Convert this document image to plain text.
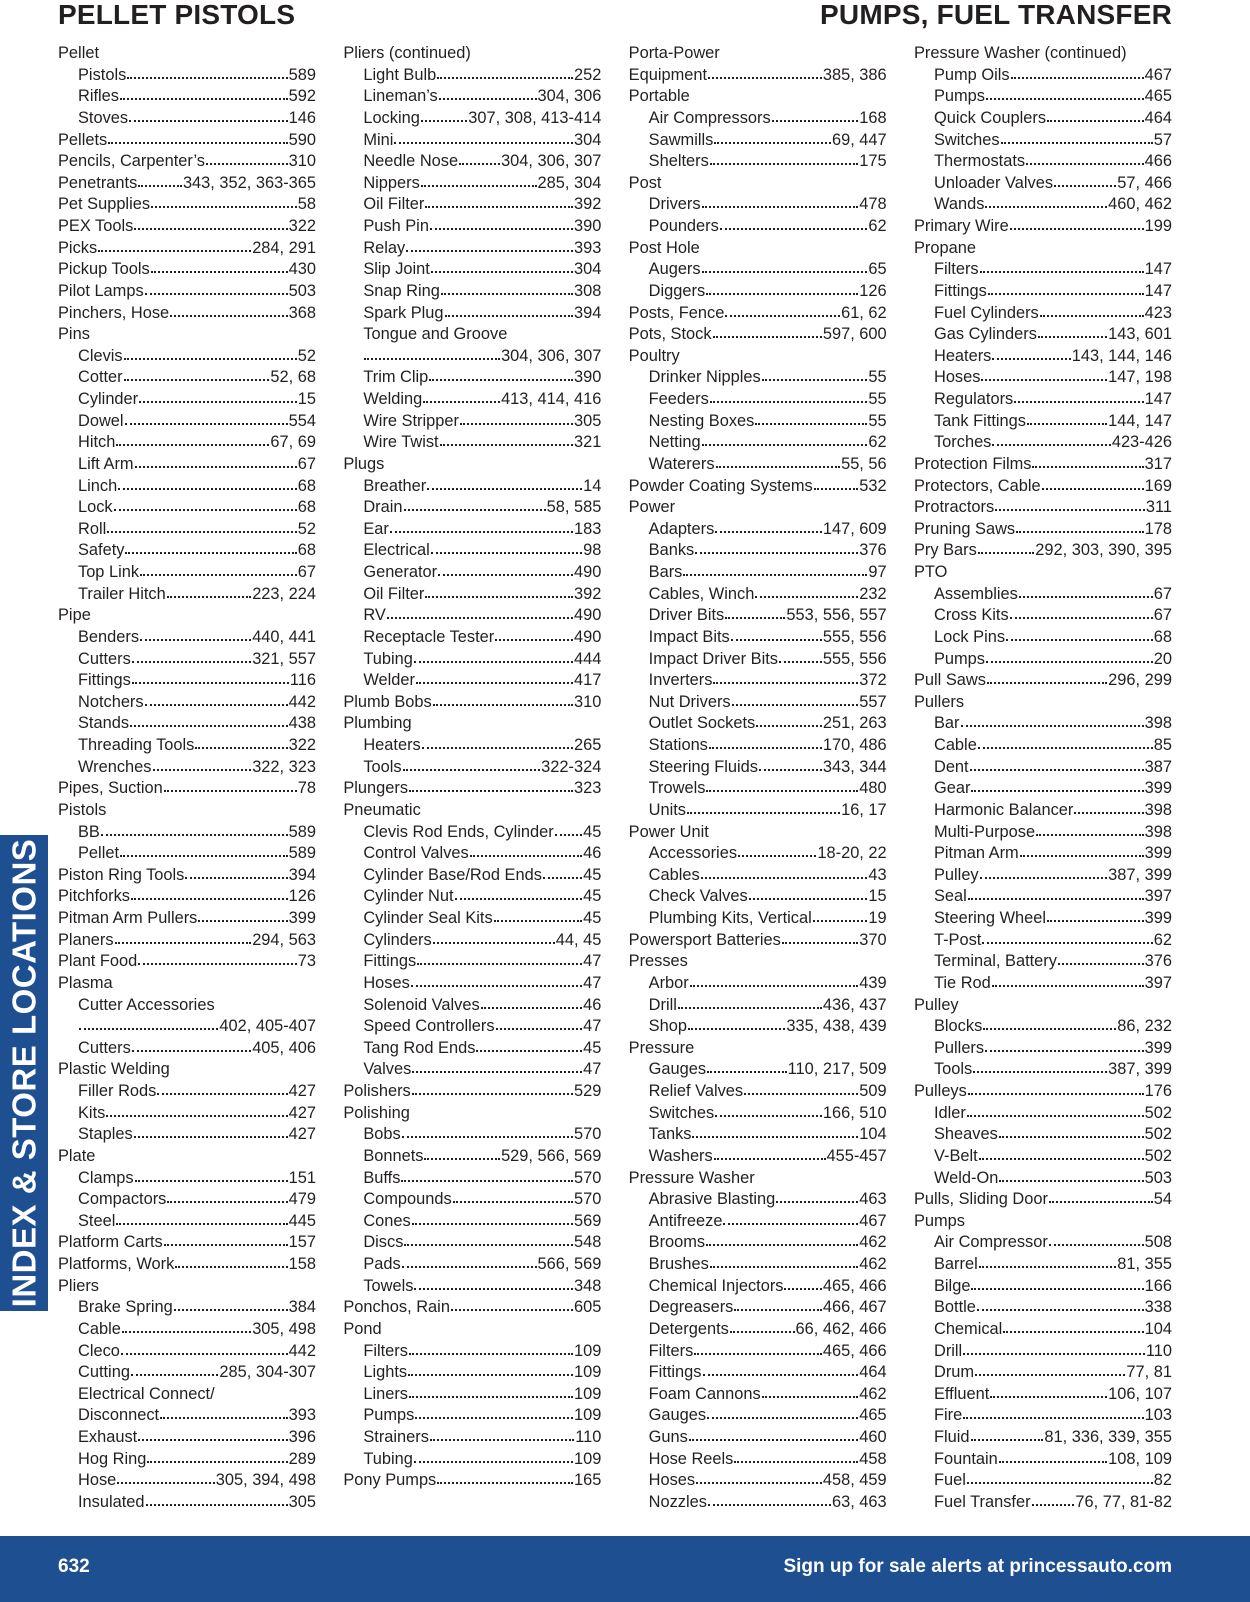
PELLET PISTOLS	PUMPS, FUEL TRANSFER
Pellet
Pistols	589
Rifles	592
Stoves	146
Pellets	590
Pencils, Carpenter’s	310
Penetrants	343, 352, 363-365
Pet Supplies	58
PEX Tools	322
Picks	284, 291
Pickup Tools	430
Pilot Lamps	503
Pinchers, Hose	368
Pins
Clevis	52
Cotter	52, 68
Cylinder	15
Dowel	554
Hitch	67, 69
Lift Arm	67
Linch	68
Lock	68
Roll	52
Safety	68
Top Link	67
Trailer Hitch	223, 224
Pipe
Benders	440, 441
Cutters	321, 557
Fittings	116
Notchers	442
Stands	438
Threading Tools	322
Wrenches	322, 323
Pipes, Suction	78
Pistols
BB	589
Pellet	589
Piston Ring Tools	394
Pitchforks	126
Pitman Arm Pullers	399
Planers	294, 563
Plant Food	73
Plasma
Cutter Accessories
402, 405-407
Cutters	405, 406
Plastic Welding
Filler Rods	427
Kits	427
Staples	427
Plate
Clamps	151
Compactors	479
Steel	445
Platform Carts	157
Platforms, Work	158
Pliers
Brake Spring	384
Cable	305, 498
Cleco	442
Cutting	285, 304-307
Electrical Connect/
Disconnect	393
Exhaust	396
Hog Ring	289
Hose	305, 394, 498
Insulated	305
Pliers (continued)
Light Bulb	252
Lineman’s	304, 306
Locking	307, 308, 413-414
Mini	304
Needle Nose	304, 306, 307
Nippers	285, 304
Oil Filter	392
Push Pin	390
Relay	393
Slip Joint	304
Snap Ring	308
Spark Plug	394
Tongue and Groove
304, 306, 307
Trim Clip	390
Welding	413, 414, 416
Wire Stripper	305
Wire Twist	321
Plugs
Breather	14
Drain	58, 585
Ear	183
Electrical	98
Generator	490
Oil Filter	392
RV	490
Receptacle Tester	490
Tubing	444
Welder	417
Plumb Bobs	310
Plumbing
Heaters	265
Tools	322-324
Plungers	323
Pneumatic
Clevis Rod Ends, Cylinder 45
Control Valves	46
Cylinder Base/Rod Ends	45
Cylinder Nut	45
Cylinder Seal Kits	45
Cylinders	44, 45
Fittings	47
Hoses	47
Solenoid Valves	46
Speed Controllers	47
Tang Rod Ends	45
Valves	47
Polishers	529
Polishing
Bobs	570
Bonnets	529, 566, 569
Buffs	570
Compounds	570
Cones	569
Discs	548
Pads	566, 569
Towels	348
Ponchos, Rain	605
Pond
Filters	109
Lights	109
Liners	109
Pumps	109
Strainers	110
Tubing	109
Pony Pumps	165
Porta-Power
Equipment	385, 386
Portable
Air Compressors	168
Sawmills	69, 447
Shelters	175
Post
Drivers	478
Pounders	62
Post Hole
Augers	65
Diggers	126
Posts, Fence	61, 62
Pots, Stock	597, 600
Poultry
Drinker Nipples	55
Feeders	55
Nesting Boxes	55
Netting	62
Waterers	55, 56
Powder Coating Systems	532
Power
Adapters	147, 609
Banks	376
Bars	97
Cables, Winch	232
Driver Bits	553, 556, 557
Impact Bits	555, 556
Impact Driver Bits	555, 556
Inverters	372
Nut Drivers	557
Outlet Sockets	251, 263
Stations	170, 486
Steering Fluids	343, 344
Trowels	480
Units	16, 17
Power Unit
Accessories	18-20, 22
Cables	43
Check Valves	15
Plumbing Kits, Vertical	19
Powersport Batteries	370
Presses
Arbor	439
Drill	436, 437
Shop	335, 438, 439
Pressure
Gauges	110, 217, 509
Relief Valves	509
Switches	166, 510
Tanks	104
Washers	455-457
Pressure Washer
Abrasive Blasting	463
Antifreeze	467
Brooms	462
Brushes	462
Chemical Injectors 465, 466
Degreasers	466, 467
Detergents	66, 462, 466
Filters	465, 466
Fittings	464
Foam Cannons	462
Gauges	465
Guns	460
Hose Reels	458
Hoses	458, 459
Nozzles	63, 463
Pressure Washer (continued)
Pump Oils	467
Pumps	465
Quick Couplers	464
Switches	57
Thermostats	466
Unloader Valves	57, 466
Wands	460, 462
Primary Wire	199
Propane
Filters	147
Fittings	147
Fuel Cylinders	423
Gas Cylinders	143, 601
Heaters	143, 144, 146
Hoses	147, 198
Regulators	147
Tank Fittings	144, 147
Torches	423-426
Protection Films	317
Protectors, Cable	169
Protractors	311
Pruning Saws	178
Pry Bars	292, 303, 390, 395
PTO
Assemblies	67
Cross Kits	67
Lock Pins	68
Pumps	20
Pull Saws	296, 299
Pullers
Bar	398
Cable	85
Dent	387
Gear	399
Harmonic Balancer	398
Multi-Purpose	398
Pitman Arm	399
Pulley	387, 399
Seal	397
Steering Wheel	399
T-Post	62
Terminal, Battery	376
Tie Rod	397
Pulley
Blocks	86, 232
Pullers	399
Tools	387, 399
Pulleys	176
Idler	502
Sheaves	502
V-Belt	502
Weld-On	503
Pulls, Sliding Door	54
Pumps
Air Compressor	508
Barrel	81, 355
Bilge	166
Bottle	338
Chemical	104
Drill	110
Drum	77, 81
Effluent	106, 107
Fire	103
Fluid	81, 336, 339, 355
Fountain	108, 109
Fuel	82
Fuel Transfer	76, 77, 81-82
INDEX & STORE LOCATIONS
632	Sign up for sale alerts at princessauto.com
